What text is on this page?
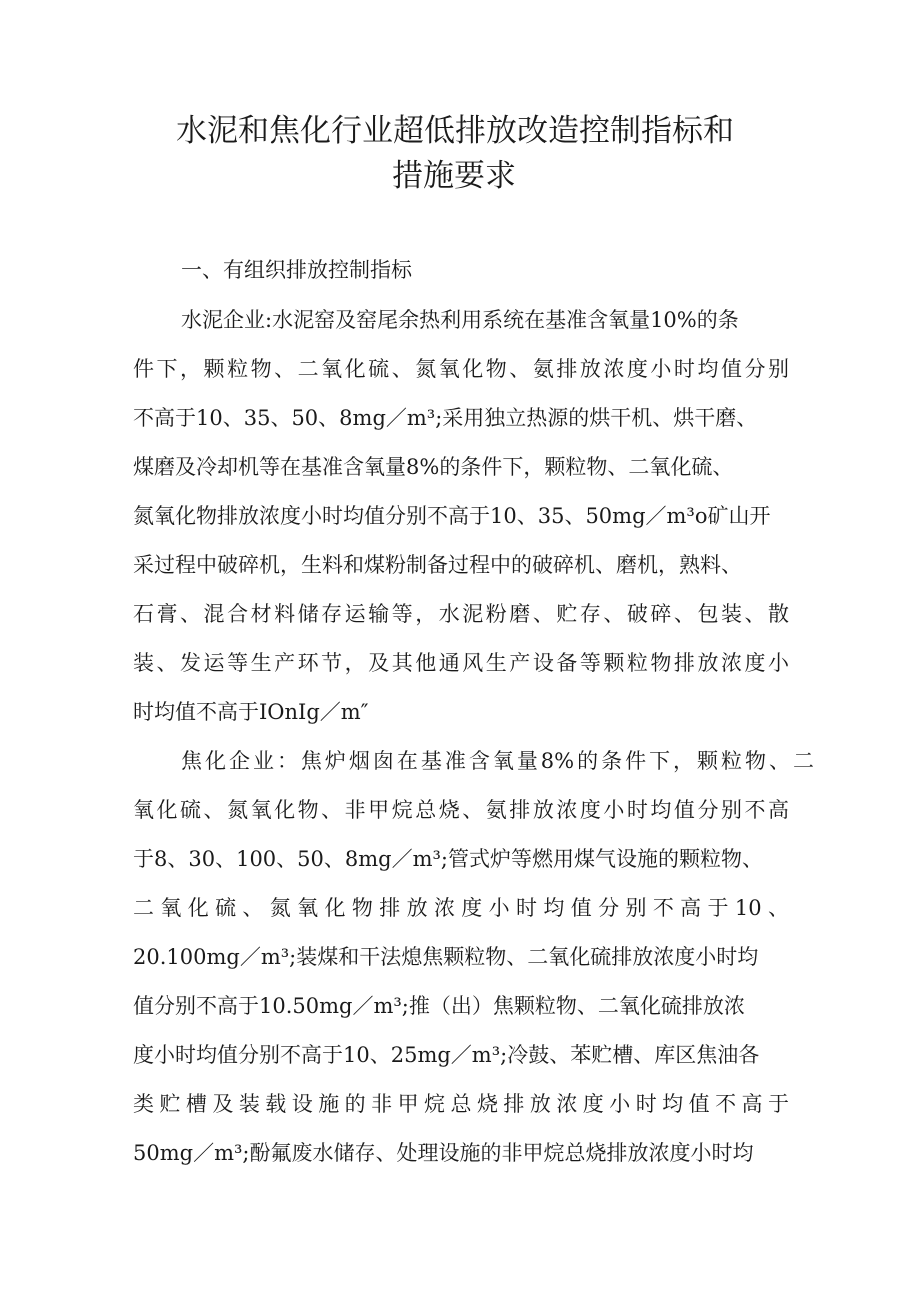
水泥和焦化行业超低排放改造控制指标和
措施要求

一、有组织排放控制指标

水泥企业:水泥窑及窑尾余热利用系统在基准含氧量10%的条

件下，颗粒物、二氧化硫、氮氧化物、氨排放浓度小时均值分别

不高于10、35、50、8mg／m³;采用独立热源的烘干机、烘干磨、

煤磨及冷却机等在基准含氧量8%的条件下，颗粒物、二氧化硫、

氮氧化物排放浓度小时均值分别不高于10、35、50mg／m³o矿山开

采过程中破碎机，生料和煤粉制备过程中的破碎机、磨机，熟料、

石膏、混合材料储存运输等，水泥粉磨、贮存、破碎、包装、散

装、发运等生产环节，及其他通风生产设备等颗粒物排放浓度小

时均值不高于IOnIg／m″

焦化企业：焦炉烟囱在基准含氧量8%的条件下，颗粒物、二

氧化硫、氮氧化物、非甲烷总烧、氨排放浓度小时均值分别不高

于8、30、100、50、8mg／m³;管式炉等燃用煤气设施的颗粒物、

二氧化硫、氮氧化物排放浓度小时均值分别不高于10、

20.100mg／m³;装煤和干法熄焦颗粒物、二氧化硫排放浓度小时均

值分别不高于10.50mg／m³;推（出）焦颗粒物、二氧化硫排放浓

度小时均值分别不高于10、25mg／m³;冷鼓、苯贮槽、库区焦油各

类贮槽及装载设施的非甲烷总烧排放浓度小时均值不高于

50mg／m³;酚氟废水储存、处理设施的非甲烷总烧排放浓度小时均
